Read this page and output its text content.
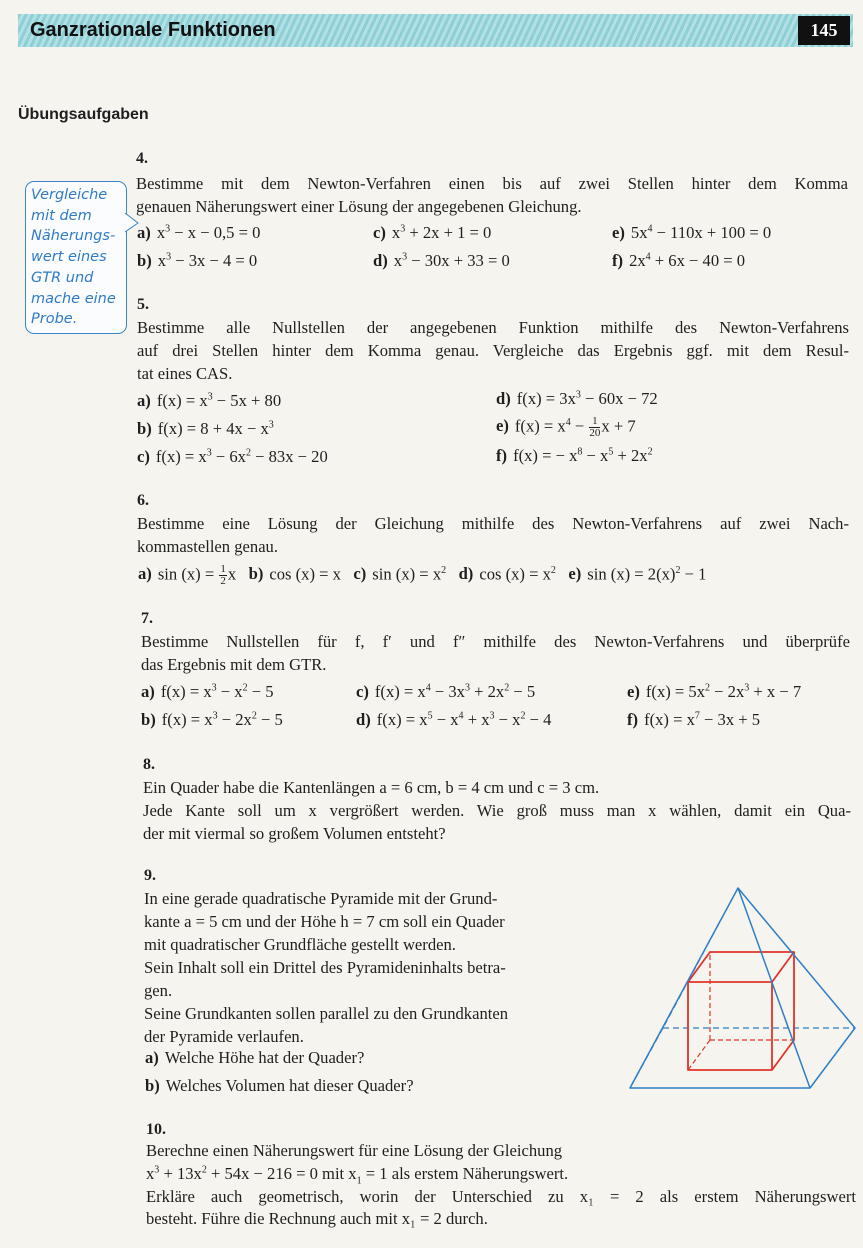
Ganzrationale Funktionen	145
Übungsaufgaben
Vergleiche
mit dem
Näherungs-
wert eines
GTR und
mache eine
Probe.
4.
Bestimme mit dem Newton-Verfahren einen bis auf zwei Stellen hinter dem Komma
genauen Näherungswert einer Lösung der angegebenen Gleichung.
a) $x^3 - x - 0,5 = 0$
b) $x^3 - 3x - 4 = 0$
c) $x^3 + 2x + 1 = 0$
d) $x^3 - 30x + 33 = 0$
e) $5x^4 - 110x + 100 = 0$
f) $2x^4 + 6x - 40 = 0$
5.
Bestimme alle Nullstellen der angegebenen Funktion mithilfe des Newton-Verfahrens
auf drei Stellen hinter dem Komma genau. Vergleiche das Ergebnis ggf. mit dem Resul-
tat eines CAS.
a) $f(x) = x^3 - 5x + 80$
b) $f(x) = 8 + 4x - x^3$
c) $f(x) = x^3 - 6x^2 - 83x - 20$
d) $f(x) = 3x^3 - 60x - 72$
e) $f(x) = x^4 - \frac{1}{20}$ x + 7
f) f(x) = − $x^8 - x^5 + 2x^2$
6.
Bestimme eine Lösung der Gleichung mithilfe des Newton-Verfahrens auf zwei Nach-
kommastellen genau.
a) $\sin (x) = \frac{1}{2}$ x   b) cos (x) = x   c) $\sin (x) = x^2$ d) $\cos (x) = x^2$ e) $\sin (x) = 2(x)^2 - 1$
7.
Bestimme Nullstellen für f, f′ und f″ mithilfe des Newton-Verfahrens und überprüfe
das Ergebnis mit dem GTR.
a) $f(x) = x^3 - x^2 - 5$
b) $f(x) = x^3 - 2x^2 - 5$
c) $f(x) = x^4 - 3x^3 + 2x^2 - 5$
d) $f(x) = x^5 - x^4 + x^3 - x^2 - 4$
e) $f(x) = 5x^2 - 2x^3 + x - 7$
f) $f(x) = x^7 - 3x + 5$
8.
Ein Quader habe die Kantenlängen a = 6 cm, b = 4 cm und c = 3 cm.
Jede Kante soll um x vergrößert werden. Wie groß muss man x wählen, damit ein Qua-
der mit viermal so großem Volumen entsteht?
9.
In eine gerade quadratische Pyramide mit der Grund-
kante a = 5 cm und der Höhe h = 7 cm soll ein Quader
mit quadratischer Grundfläche gestellt werden.
Sein Inhalt soll ein Drittel des Pyramideninhalts betra-
gen.
Seine Grundkanten sollen parallel zu den Grundkanten
der Pyramide verlaufen.
a) Welche Höhe hat der Quader?
b) Welches Volumen hat dieser Quader?
10.
Berechne einen Näherungswert für eine Lösung der Gleichung
$x^3 + 13x^2 + 54x - 216 = 0$ mit $x_1 = 1$ als erstem Näherungswert.
Erkläre auch geometrisch, worin der Unterschied zu x₁ = 2 als erstem Näherungswert
besteht. Führe die Rechnung auch mit x₁ = 2 durch.
